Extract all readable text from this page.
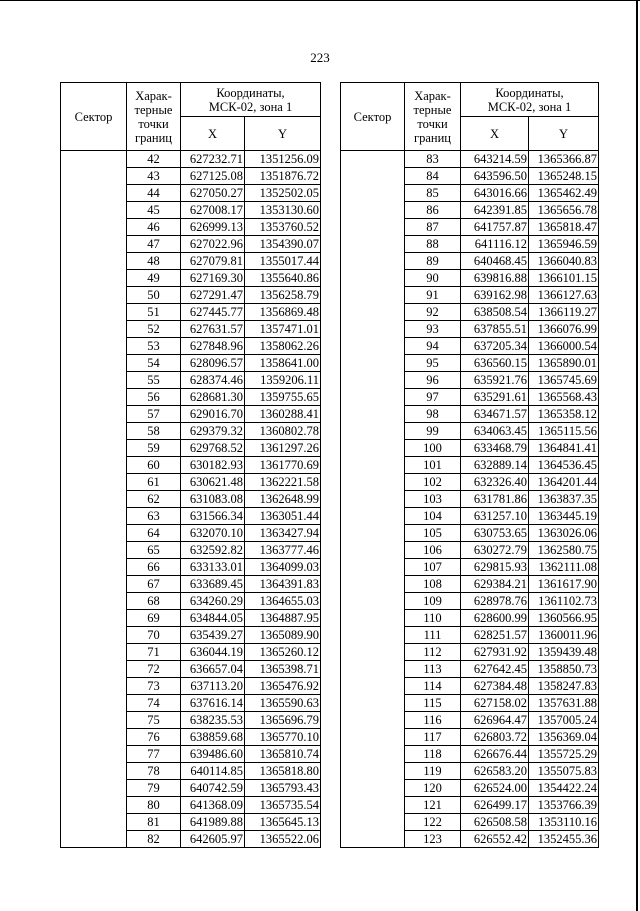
223
Сектор	Харак-
терные
точки
границ	Координаты,
МСК-02, зона 1	
		X	Y
	42	627232.71	1351256.09
	43	627125.08	1351876.72
	44	627050.27	1352502.05
	45	627008.17	1353130.60
	46	626999.13	1353760.52
	47	627022.96	1354390.07
	48	627079.81	1355017.44
	49	627169.30	1355640.86
	50	627291.47	1356258.79
	51	627445.77	1356869.48
	52	627631.57	1357471.01
	53	627848.96	1358062.26
	54	628096.57	1358641.00
	55	628374.46	1359206.11
	56	628681.30	1359755.65
	57	629016.70	1360288.41
	58	629379.32	1360802.78
	59	629768.52	1361297.26
	60	630182.93	1361770.69
	61	630621.48	1362221.58
	62	631083.08	1362648.99
	63	631566.34	1363051.44
	64	632070.10	1363427.94
	65	632592.82	1363777.46
	66	633133.01	1364099.03
	67	633689.45	1364391.83
	68	634260.29	1364655.03
	69	634844.05	1364887.95
	70	635439.27	1365089.90
	71	636044.19	1365260.12
	72	636657.04	1365398.71
	73	637113.20	1365476.92
	74	637616.14	1365590.63
	75	638235.53	1365696.79
	76	638859.68	1365770.10
	77	639486.60	1365810.74
	78	640114.85	1365818.80
	79	640742.59	1365793.43
	80	641368.09	1365735.54
	81	641989.88	1365645.13
	82	642605.97	1365522.06
Сектор	Харак-
терные
точки
границ	Координаты,
МСК-02, зона 1	
		X	Y
	83	643214.59	1365366.87
	84	643596.50	1365248.15
	85	643016.66	1365462.49
	86	642391.85	1365656.78
	87	641757.87	1365818.47
	88	641116.12	1365946.59
	89	640468.45	1366040.83
	90	639816.88	1366101.15
	91	639162.98	1366127.63
	92	638508.54	1366119.27
	93	637855.51	1366076.99
	94	637205.34	1366000.54
	95	636560.15	1365890.01
	96	635921.76	1365745.69
	97	635291.61	1365568.43
	98	634671.57	1365358.12
	99	634063.45	1365115.56
	100	633468.79	1364841.41
	101	632889.14	1364536.45
	102	632326.40	1364201.44
	103	631781.86	1363837.35
	104	631257.10	1363445.19
	105	630753.65	1363026.06
	106	630272.79	1362580.75
	107	629815.93	1362111.08
	108	629384.21	1361617.90
	109	628978.76	1361102.73
	110	628600.99	1360566.95
	111	628251.57	1360011.96
	112	627931.92	1359439.48
	113	627642.45	1358850.73
	114	627384.48	1358247.83
	115	627158.02	1357631.88
	116	626964.47	1357005.24
	117	626803.72	1356369.04
	118	626676.44	1355725.29
	119	626583.20	1355075.83
	120	626524.00	1354422.24
	121	626499.17	1353766.39
	122	626508.58	1353110.16
	123	626552.42	1352455.36
